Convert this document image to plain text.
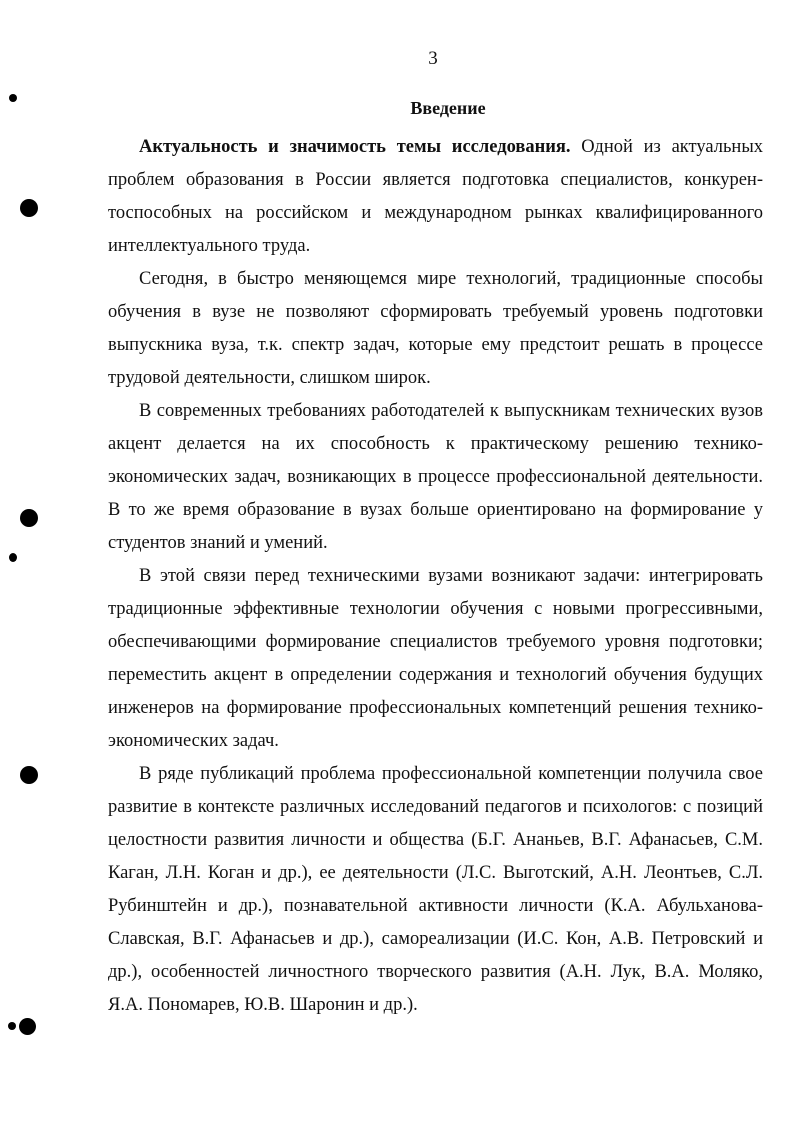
3
Введение

Актуальность и значимость темы исследования. Одной из актуальных проблем образования в России является подготовка специалистов, конкурентоспособных на российском и международном рынках квалифицированного интеллектуального труда.

Сегодня, в быстро меняющемся мире технологий, традиционные способы обучения в вузе не позволяют сформировать требуемый уровень подготовки выпускника вуза, т.к. спектр задач, которые ему предстоит решать в процессе трудовой деятельности, слишком широк.

В современных требованиях работодателей к выпускникам технических вузов акцент делается на их способность к практическому решению технико-экономических задач, возникающих в процессе профессиональной деятельности. В то же время образование в вузах больше ориентировано на формирование у студентов знаний и умений.

В этой связи перед техническими вузами возникают задачи: интегрировать традиционные эффективные технологии обучения с новыми прогрессивными, обеспечивающими формирование специалистов требуемого уровня подготовки; переместить акцент в определении содержания и технологий обучения будущих инженеров на формирование профессиональных компетенций решения технико-экономических задач.

В ряде публикаций проблема профессиональной компетенции получила свое развитие в контексте различных исследований педагогов и психологов: с позиций целостности развития личности и общества (Б.Г. Ананьев, В.Г. Афанасьев, С.М. Каган, Л.Н. Коган и др.), ее деятельности (Л.С. Выготский, А.Н. Леонтьев, С.Л. Рубинштейн и др.), познавательной активности личности (К.А. Абульханова-Славская, В.Г. Афанасьев и др.), самореализации (И.С. Кон, А.В. Петровский и др.), особенностей личностного творческого развития (А.Н. Лук, В.А. Моляко, Я.А. Пономарев, Ю.В. Шаронин и др.).
